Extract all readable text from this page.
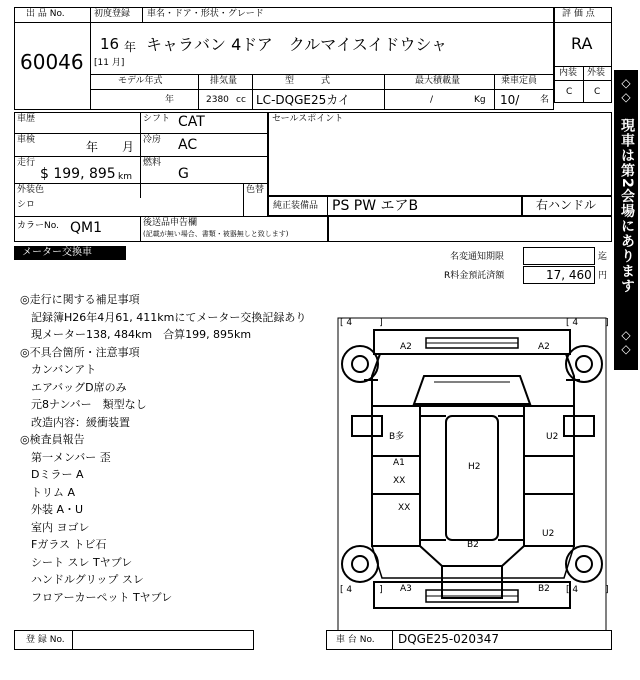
出 品 No.
60046
初度登録 車名・ドア・形状・グレード
16 年
[11 月]
キャラバン 4ドア　クルマイスイドウシャ
モデル年式	排気量	型　　　式	最大積載量	乗車定員
年	2380 cc LC-DQGE25カイ	/	Kg 10/ 名
評 価 点
RA
内装 外装
C C
車歴	シフト CAT
車検	年 月 冷房 AC
走行
$ 199, 895 km
燃料
G
外装色
シロ
色替
カラーNo. QM1	後送品申告欄
(記載が無い場合、書類・被器無しと致します)
セールスポイント
純正装備品 PS PW エアB	右ハンドル
メーター交換車	名変通知期限	迄
R料金預託済額	17, 460 円
◎走行に関する補足事項
　記録簿H26年4月61, 411kmにてメーター交換記録あり
　現メーター138, 484km　合算199, 895km
◎不具合箇所・注意事項
　カンバンアト
　エアバッグD席のみ
　元8ナンバー　類型なし
　改造内容：緩衝装置
◎検査員報告
　第一メンバー 歪
　Dミラー A
　トリム A
　外装 A・U
　室内 ヨゴレ
　Fガラス トビ石
　シート スレ Tヤブレ
　ハンドルグリップ スレ
　フロアーカーペット Tヤブレ
[ 4　　　]	[ 4　　　]
[ 4　　　]	[ 4　　　]
A2	A2
B多	U2
A1
XX
H2
XX
U2
B2
A3	B2
登 録 No.	車 台 No. DQGE25-020347
◇◇
現車は第2会場にあります
◇◇
